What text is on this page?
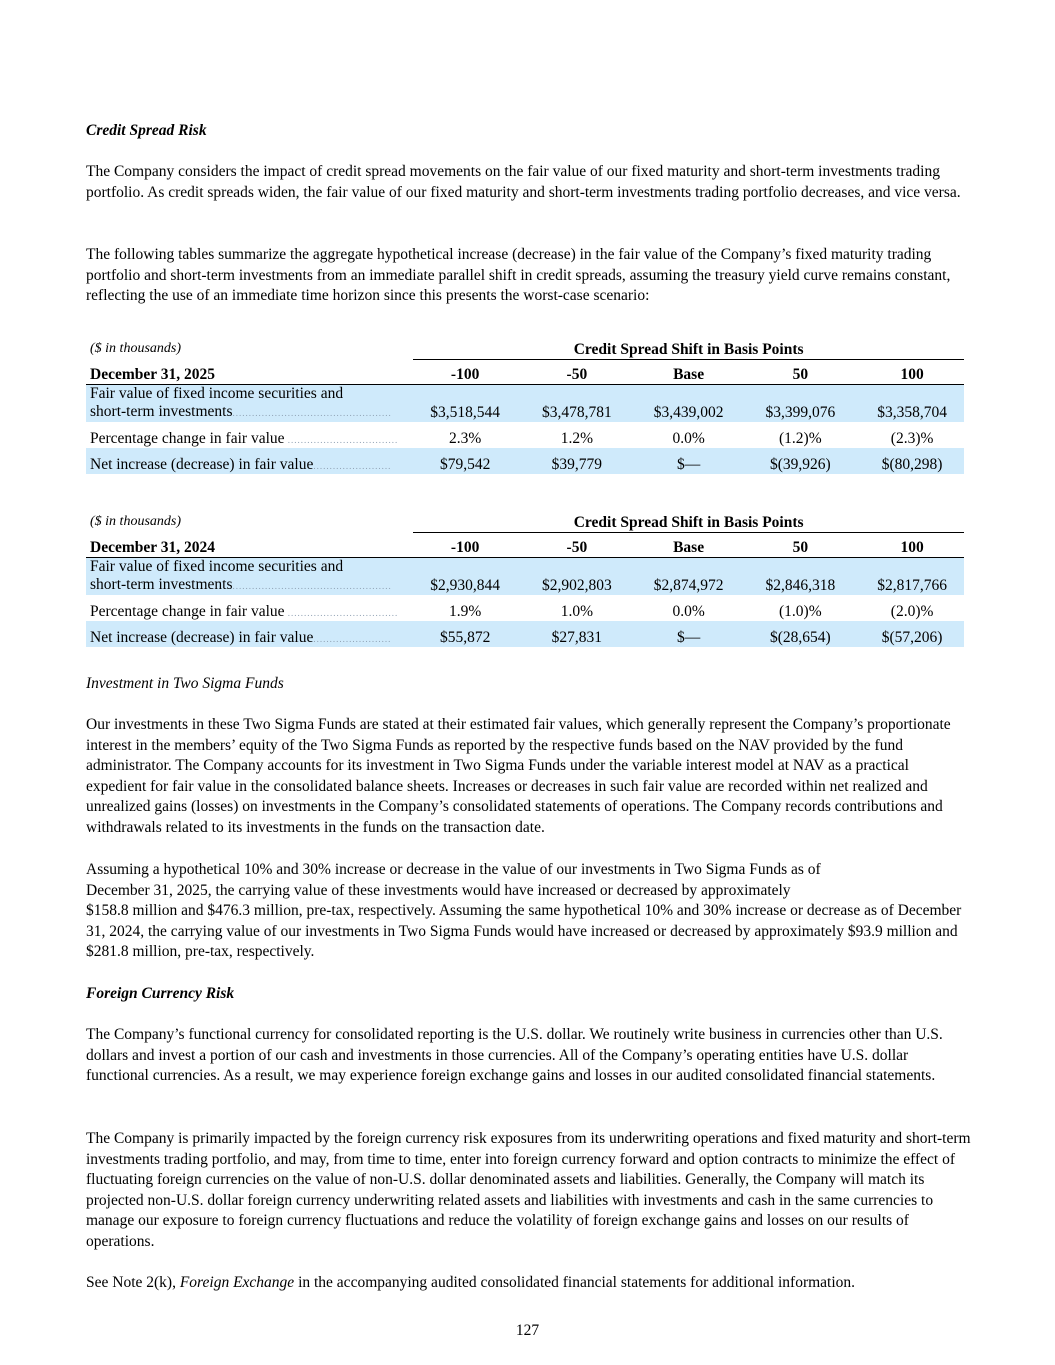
Credit Spread Risk

The Company considers the impact of credit spread movements on the fair value of our fixed maturity and short-term investments trading portfolio. As credit spreads widen, the fair value of our fixed maturity and short-term investments trading portfolio decreases, and vice versa.

The following tables summarize the aggregate hypothetical increase (decrease) in the fair value of the Company’s fixed maturity trading portfolio and short-term investments from an immediate parallel shift in credit spreads, assuming the treasury yield curve remains constant, reflecting the use of an immediate time horizon since this presents the worst-case scenario:

($ in thousands)	Credit Spread Shift in Basis Points								
December 31, 2025	-100		-50		Base		50		100
Fair value of fixed income securities and
short-term investments.................................................	$3,518,544		$3,478,781		$3,439,002		$3,399,076		$3,358,704
Percentage change in fair value ..................................	2.3%		1.2%		0.0%		(1.2)%		(2.3)%
Net increase (decrease) in fair value........................	$79,542		$39,779		$—		$(39,926)		$(80,298)
($ in thousands)	Credit Spread Shift in Basis Points								
December 31, 2024	-100		-50		Base		50		100
Fair value of fixed income securities and
short-term investments.................................................	$2,930,844		$2,902,803		$2,874,972		$2,846,318		$2,817,766
Percentage change in fair value ..................................	1.9%		1.0%		0.0%		(1.0)%		(2.0)%
Net increase (decrease) in fair value........................	$55,872		$27,831		$—		$(28,654)		$(57,206)

Investment in Two Sigma Funds

Our investments in these Two Sigma Funds are stated at their estimated fair values, which generally represent the Company’s proportionate interest in the members’ equity of the Two Sigma Funds as reported by the respective funds based on the NAV provided by the fund administrator. The Company accounts for its investment in Two Sigma Funds under the variable interest model at NAV as a practical expedient for fair value in the consolidated balance sheets. Increases or decreases in such fair value are recorded within net realized and unrealized gains (losses) on investments in the Company’s consolidated statements of operations. The Company records contributions and withdrawals related to its investments in the funds on the transaction date.

Assuming a hypothetical 10% and 30% increase or decrease in the value of our investments in Two Sigma Funds as of December 31, 2025, the carrying value of these investments would have increased or decreased by approximately
$158.8 million and $476.3 million, pre-tax, respectively. Assuming the same hypothetical 10% and 30% increase or decrease as of December 31, 2024, the carrying value of our investments in Two Sigma Funds would have increased or decreased by approximately $93.9 million and $281.8 million, pre-tax, respectively.

Foreign Currency Risk

The Company’s functional currency for consolidated reporting is the U.S. dollar. We routinely write business in currencies other than U.S. dollars and invest a portion of our cash and investments in those currencies. All of the Company’s operating entities have U.S. dollar functional currencies. As a result, we may experience foreign exchange gains and losses in our audited consolidated financial statements.

The Company is primarily impacted by the foreign currency risk exposures from its underwriting operations and fixed maturity and short-term investments trading portfolio, and may, from time to time, enter into foreign currency forward and option contracts to minimize the effect of fluctuating foreign currencies on the value of non-U.S. dollar denominated assets and liabilities. Generally, the Company will match its projected non-U.S. dollar foreign currency underwriting related assets and liabilities with investments and cash in the same currencies to manage our exposure to foreign currency fluctuations and reduce the volatility of foreign exchange gains and losses on our results of operations.

See Note 2(k), Foreign Exchange in the accompanying audited consolidated financial statements for additional information.

127
